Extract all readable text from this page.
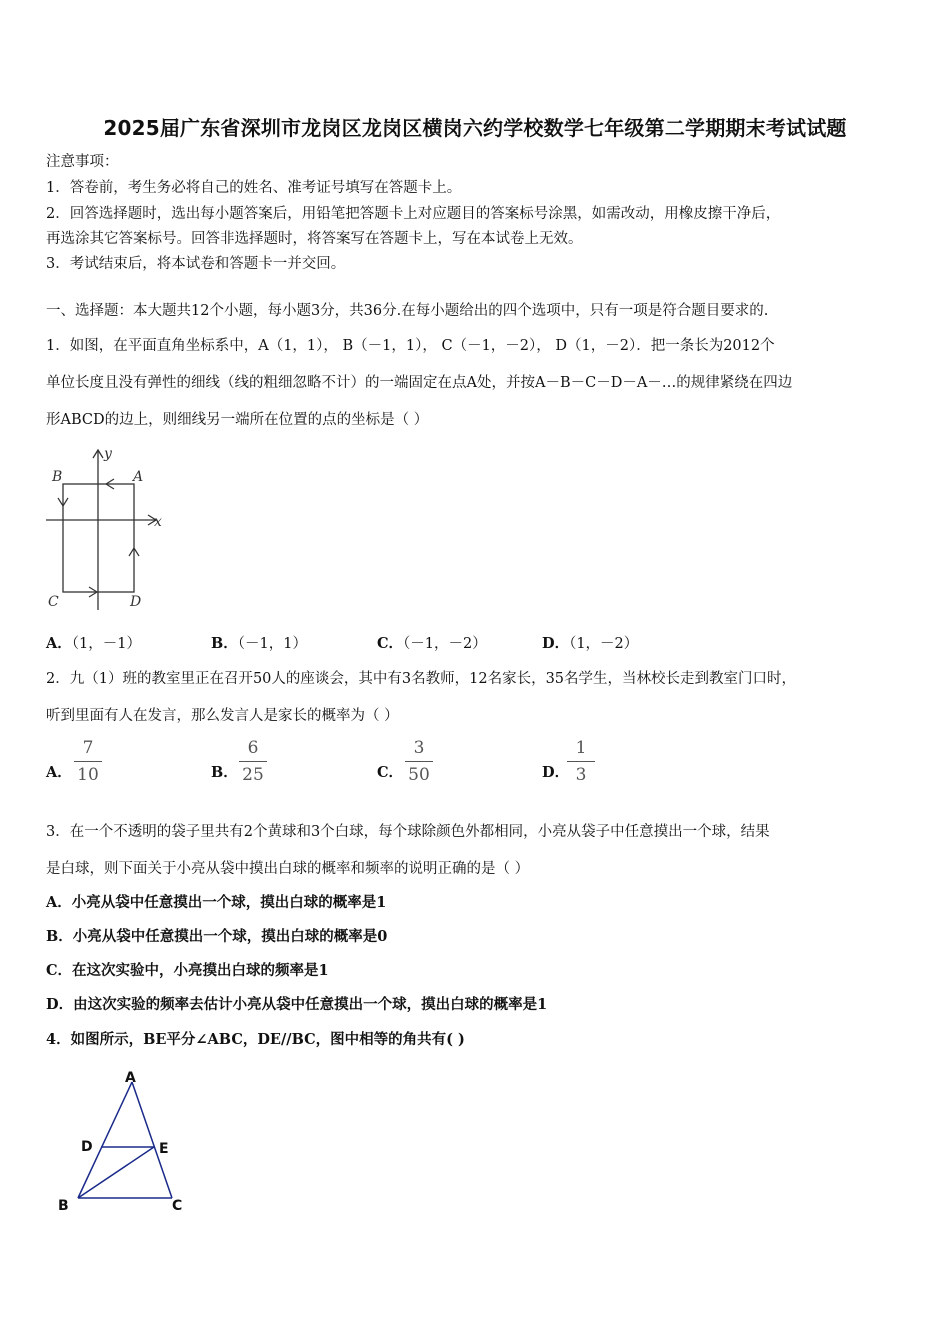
2025届广东省深圳市龙岗区龙岗区横岗六约学校数学七年级第二学期期末考试试题
注意事项：
1．答卷前，考生务必将自己的姓名、准考证号填写在答题卡上。
2．回答选择题时，选出每小题答案后，用铅笔把答题卡上对应题目的答案标号涂黑，如需改动，用橡皮擦干净后，
再选涂其它答案标号。回答非选择题时，将答案写在答题卡上，写在本试卷上无效。
3．考试结束后，将本试卷和答题卡一并交回。
一、选择题：本大题共12个小题，每小题3分，共36分.在每小题给出的四个选项中，只有一项是符合题目要求的.
1．如图，在平面直角坐标系中，A（1，1）， B（－1，1）， C（－1，－2）， D（1，－2）．把一条长为2012个
单位长度且没有弹性的细线（线的粗细忽略不计）的一端固定在点A处，并按A－B－C－D－A－…的规律紧绕在四边
形ABCD的边上，则细线另一端所在位置的点的坐标是（ ）
B	A
C	D
x
y
A．（1，－1）	B．（－1，1）	C．（－1，－2）	D．（1，－2）
2．九（1）班的教室里正在召开50人的座谈会，其中有3名教师，12名家长，35名学生，当林校长走到教室门口时，
听到里面有人在发言，那么发言人是家长的概率为（ ）
A．
7
10	B．
6
25	C．
3
50	D．
1
3
3．在一个不透明的袋子里共有2个黄球和3个白球，每个球除颜色外都相同，小亮从袋子中任意摸出一个球，结果
是白球，则下面关于小亮从袋中摸出白球的概率和频率的说明正确的是（ ）
A．小亮从袋中任意摸出一个球，摸出白球的概率是1
B．小亮从袋中任意摸出一个球，摸出白球的概率是0
C．在这次实验中，小亮摸出白球的频率是1
D．由这次实验的频率去估计小亮从袋中任意摸出一个球，摸出白球的概率是1
4．如图所示，BE平分∠ABC，DE//BC，图中相等的角共有( )
A
D	E
B	C
